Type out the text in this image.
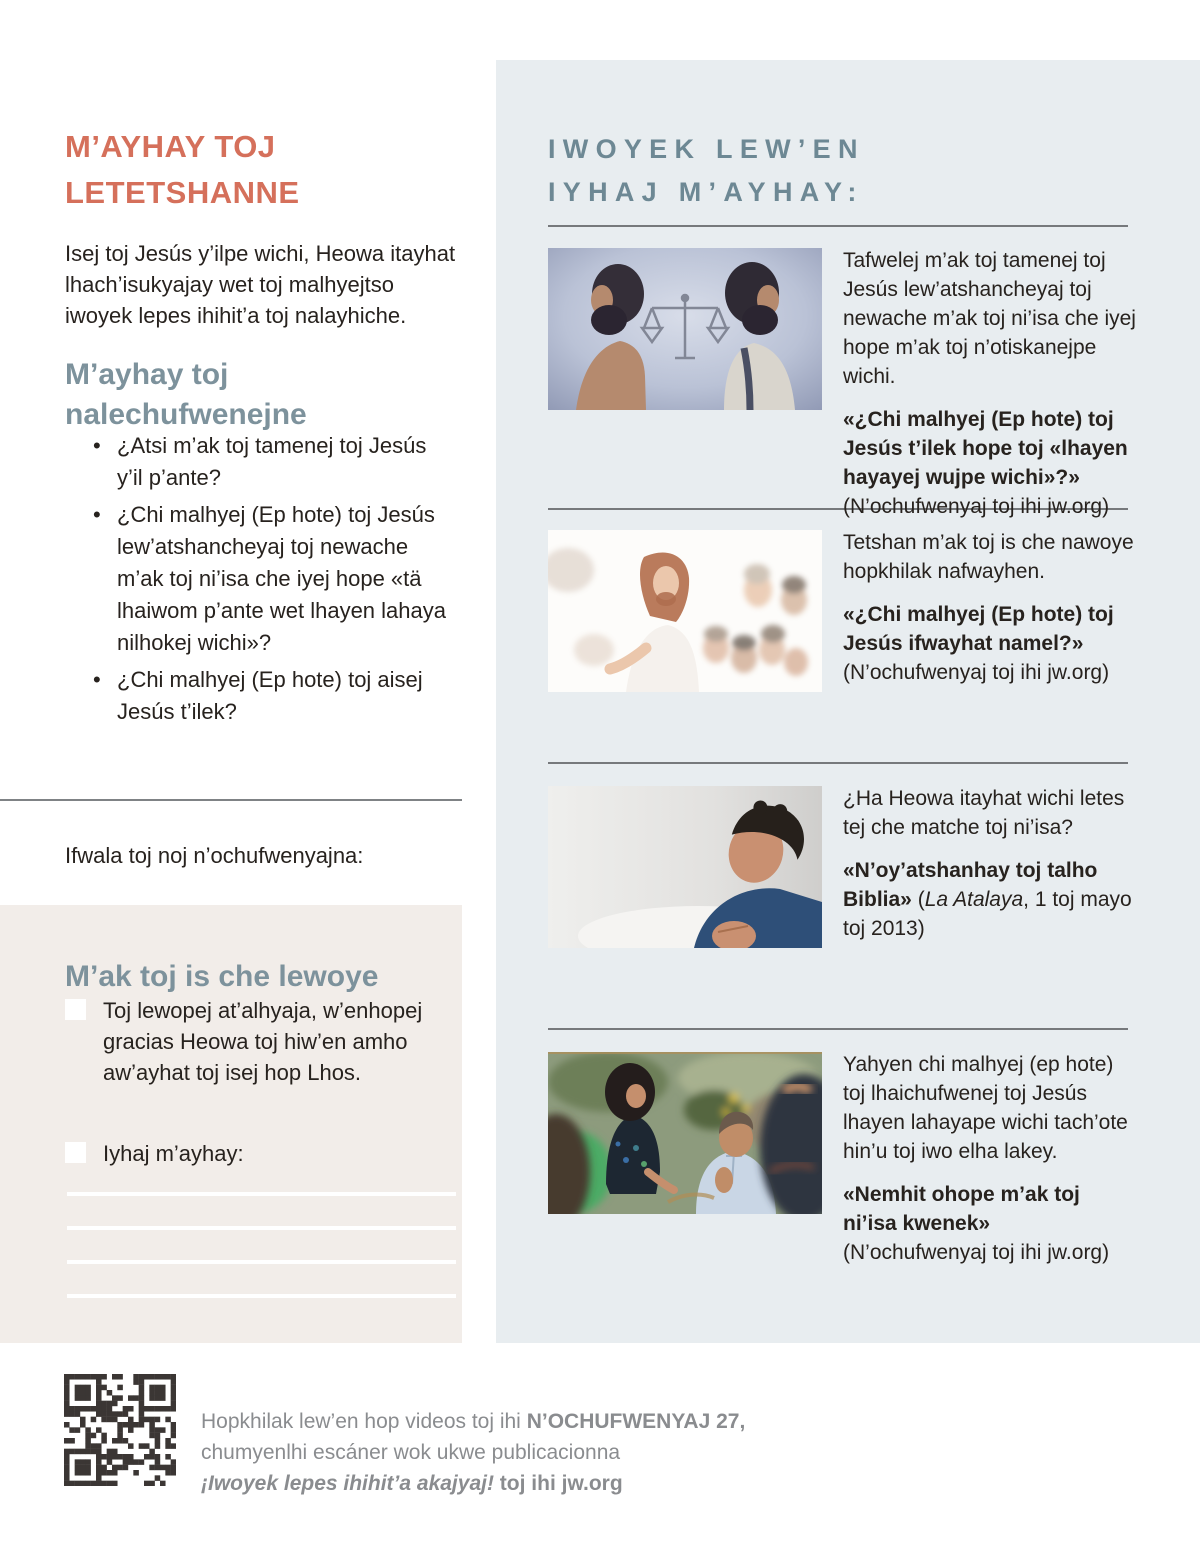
IWOYEK LEW’EN IYHAJ M’AYHAY:

Tafwelej m’ak toj tamenej toj Jesús lew’atshancheyaj toj newache m’ak toj ni’isa che iyej hope m’ak toj n’otiskanejpe wichi.

«¿Chi malhyej (Ep hote) toj Jesús t’ilek hope toj «lhayen hayayej wujpe wichi»?» (N’ochufwenyaj toj ihi jw.org)

Tetshan m’ak toj is che nawoye hopkhilak nafwayhen.

«¿Chi malhyej (Ep hote) toj Jesús ifwayhat namel?» (N’ochufwenyaj toj ihi jw.org)

¿Ha Heowa itayhat wichi letes tej che matche toj ni’isa?

«N’oy’atshanhay toj talho Biblia» (La Atalaya, 1 toj mayo toj 2013)

Yahyen chi malhyej (ep hote) toj lhaichufwenej toj Jesús lhayen lahayape wichi tach’ote hin’u toj iwo elha lakey.

«Nemhit ohope m’ak toj ni’isa kwenek» (N’ochufwenyaj toj ihi jw.org)

M’AYHAY TOJ LETETSHANNE

Isej toj Jesús y’ilpe wichi, Heowa itayhat lhach’isukyajay wet toj malhyejtso iwoyek lepes ihihit’a toj nalayhiche.

M’ayhay toj nalechufwenejne
• ¿Atsi m’ak toj tamenej toj Jesús y’il p’ante?
• ¿Chi malhyej (Ep hote) toj Jesús lew’atshancheyaj toj newache m’ak toj ni’isa che iyej hope «tä lhaiwom p’ante wet lhayen lahaya nilhokej wichi»?
• ¿Chi malhyej (Ep hote) toj aisej Jesús t’ilek?

Ifwala toj noj n’ochufwenyajna:

M’ak toj is che lewoye
Toj lewopej at’alhyaja, w’enhopej gracias Heowa toj hiw’en amho aw’ayhat toj isej hop Lhos.
Iyhaj m’ayhay:
Hopkhilak lew’en hop videos toj ihi N’OCHUFWENYAJ 27,
chumyenlhi escáner wok ukwe publicacionna
¡Iwoyek lepes ihihit’a akajyaj! toj ihi jw.org
